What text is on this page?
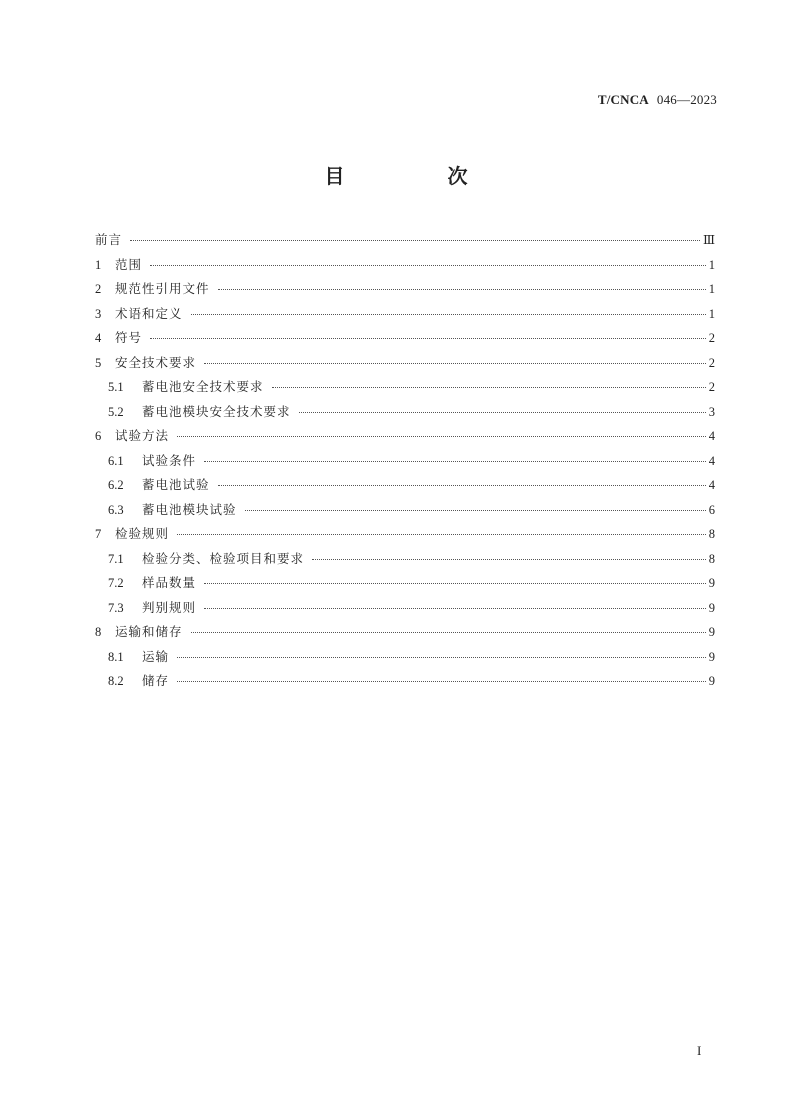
T/CNCA 046—2023
目 次
前言	Ⅲ
1	范围	1
2	规范性引用文件	1
3	术语和定义	1
4	符号	2
5	安全技术要求	2
5.1	蓄电池安全技术要求	2
5.2	蓄电池模块安全技术要求	3
6	试验方法	4
6.1	试验条件	4
6.2	蓄电池试验	4
6.3	蓄电池模块试验	6
7	检验规则	8
7.1	检验分类、检验项目和要求	8
7.2	样品数量	9
7.3	判别规则	9
8	运输和储存	9
8.1	运输	9
8.2	储存	9
I
